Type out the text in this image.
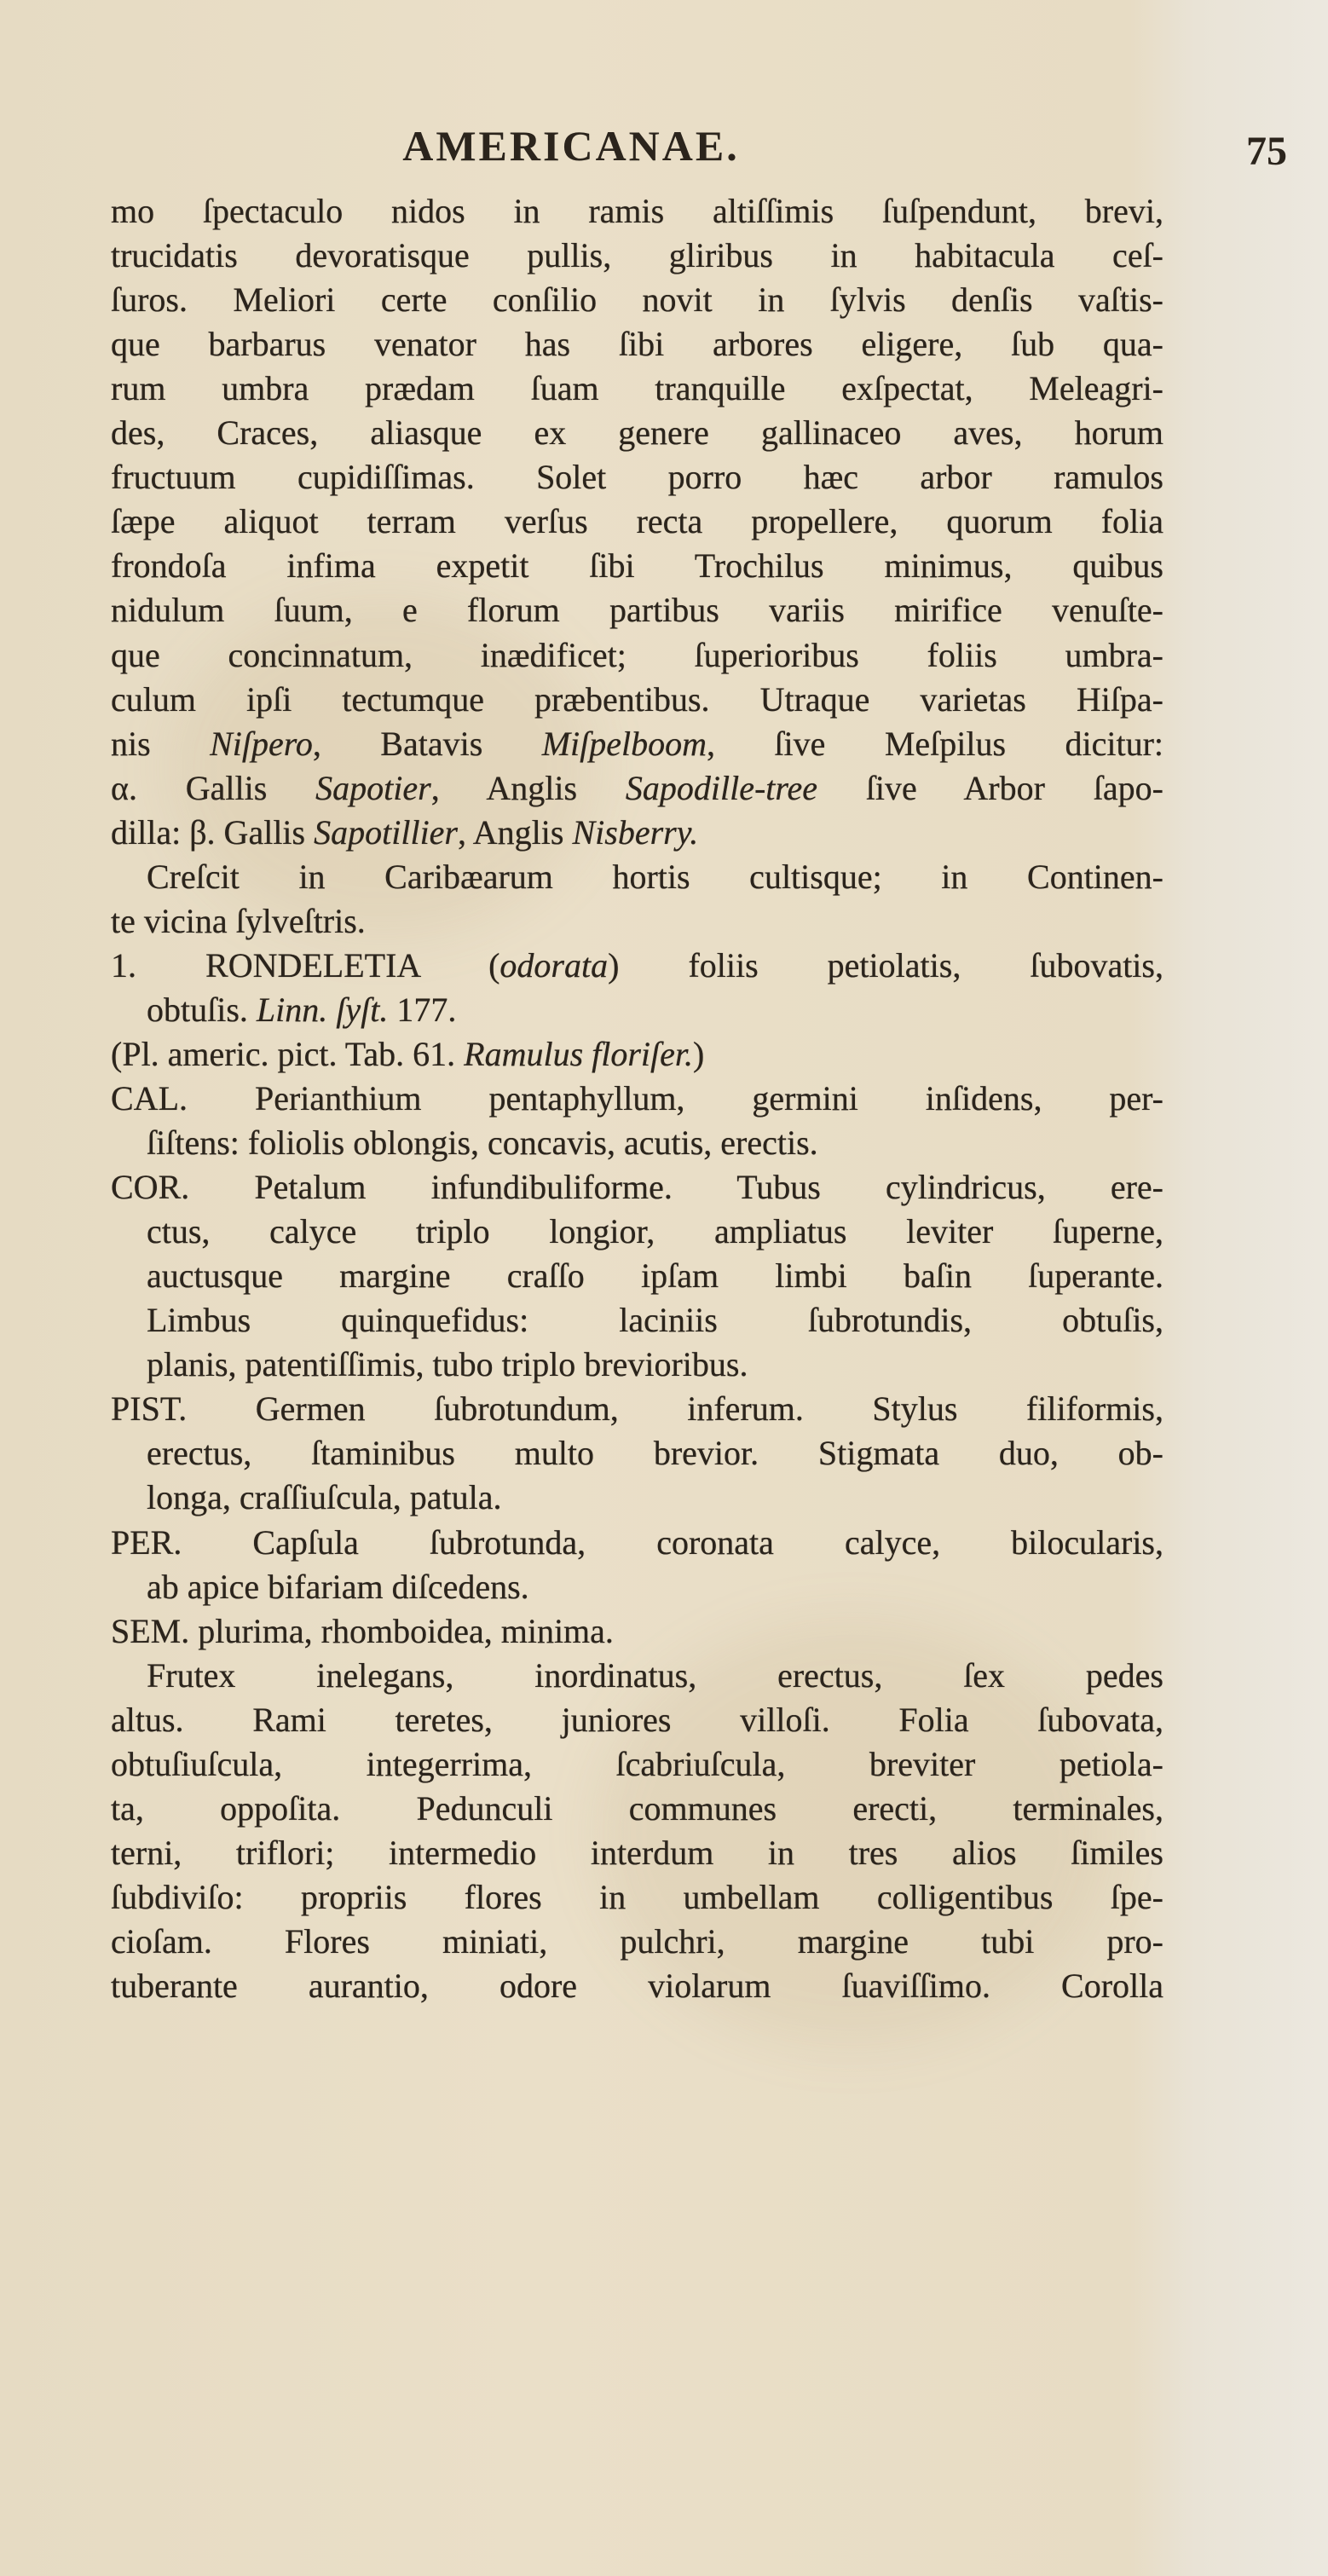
AMERICANAE.	75
mo ſpectaculo nidos in ramis altiſſimis ſuſpendunt, brevi,
trucidatis devoratisque pullis, gliribus in habitacula ceſ-
ſuros. Meliori certe conſilio novit in ſylvis denſis vaſtis-
que barbarus venator has ſibi arbores eligere, ſub qua-
rum umbra prædam ſuam tranquille exſpectat, Meleagri-
des, Craces, aliasque ex genere gallinaceo aves, horum
fructuum cupidiſſimas. Solet porro hæc arbor ramulos
ſæpe aliquot terram verſus recta propellere, quorum folia
frondoſa infima expetit ſibi Trochilus minimus, quibus
nidulum ſuum, e florum partibus variis mirifice venuſte-
que concinnatum, inædificet; ſuperioribus foliis umbra-
culum ipſi tectumque præbentibus. Utraque varietas Hiſpa-
nis Niſpero, Batavis Miſpelboom, ſive Meſpilus dicitur:
α. Gallis Sapotier, Anglis Sapodille-tree ſive Arbor ſapo-
dilla: β. Gallis Sapotillier, Anglis Nisberry.
Creſcit in Caribæarum hortis cultisque; in Continen-
te vicina ſylveſtris.
1. RONDELETIA (odorata) foliis petiolatis, ſubovatis,
obtuſis. Linn. ſyſt. 177.
(Pl. americ. pict. Tab. 61. Ramulus floriſer.)
CAL. Perianthium pentaphyllum, germini inſidens, per-
ſiſtens: foliolis oblongis, concavis, acutis, erectis.
COR. Petalum infundibuliforme. Tubus cylindricus, ere-
ctus, calyce triplo longior, ampliatus leviter ſuperne,
auctusque margine craſſo ipſam limbi baſin ſuperante.
Limbus quinquefidus: laciniis ſubrotundis, obtuſis,
planis, patentiſſimis, tubo triplo brevioribus.
PIST. Germen ſubrotundum, inferum. Stylus filiformis,
erectus, ſtaminibus multo brevior. Stigmata duo, ob-
longa, craſſiuſcula, patula.
PER. Capſula ſubrotunda, coronata calyce, bilocularis,
ab apice bifariam diſcedens.
SEM. plurima, rhomboidea, minima.
Frutex inelegans, inordinatus, erectus, ſex pedes
altus. Rami teretes, juniores villoſi. Folia ſubovata,
obtuſiuſcula, integerrima, ſcabriuſcula, breviter petiola-
ta, oppoſita. Pedunculi communes erecti, terminales,
terni, triflori; intermedio interdum in tres alios ſimiles
ſubdiviſo: propriis flores in umbellam colligentibus ſpe-
cioſam. Flores miniati, pulchri, margine tubi pro-
tuberante aurantio, odore violarum ſuaviſſimo. Corolla
